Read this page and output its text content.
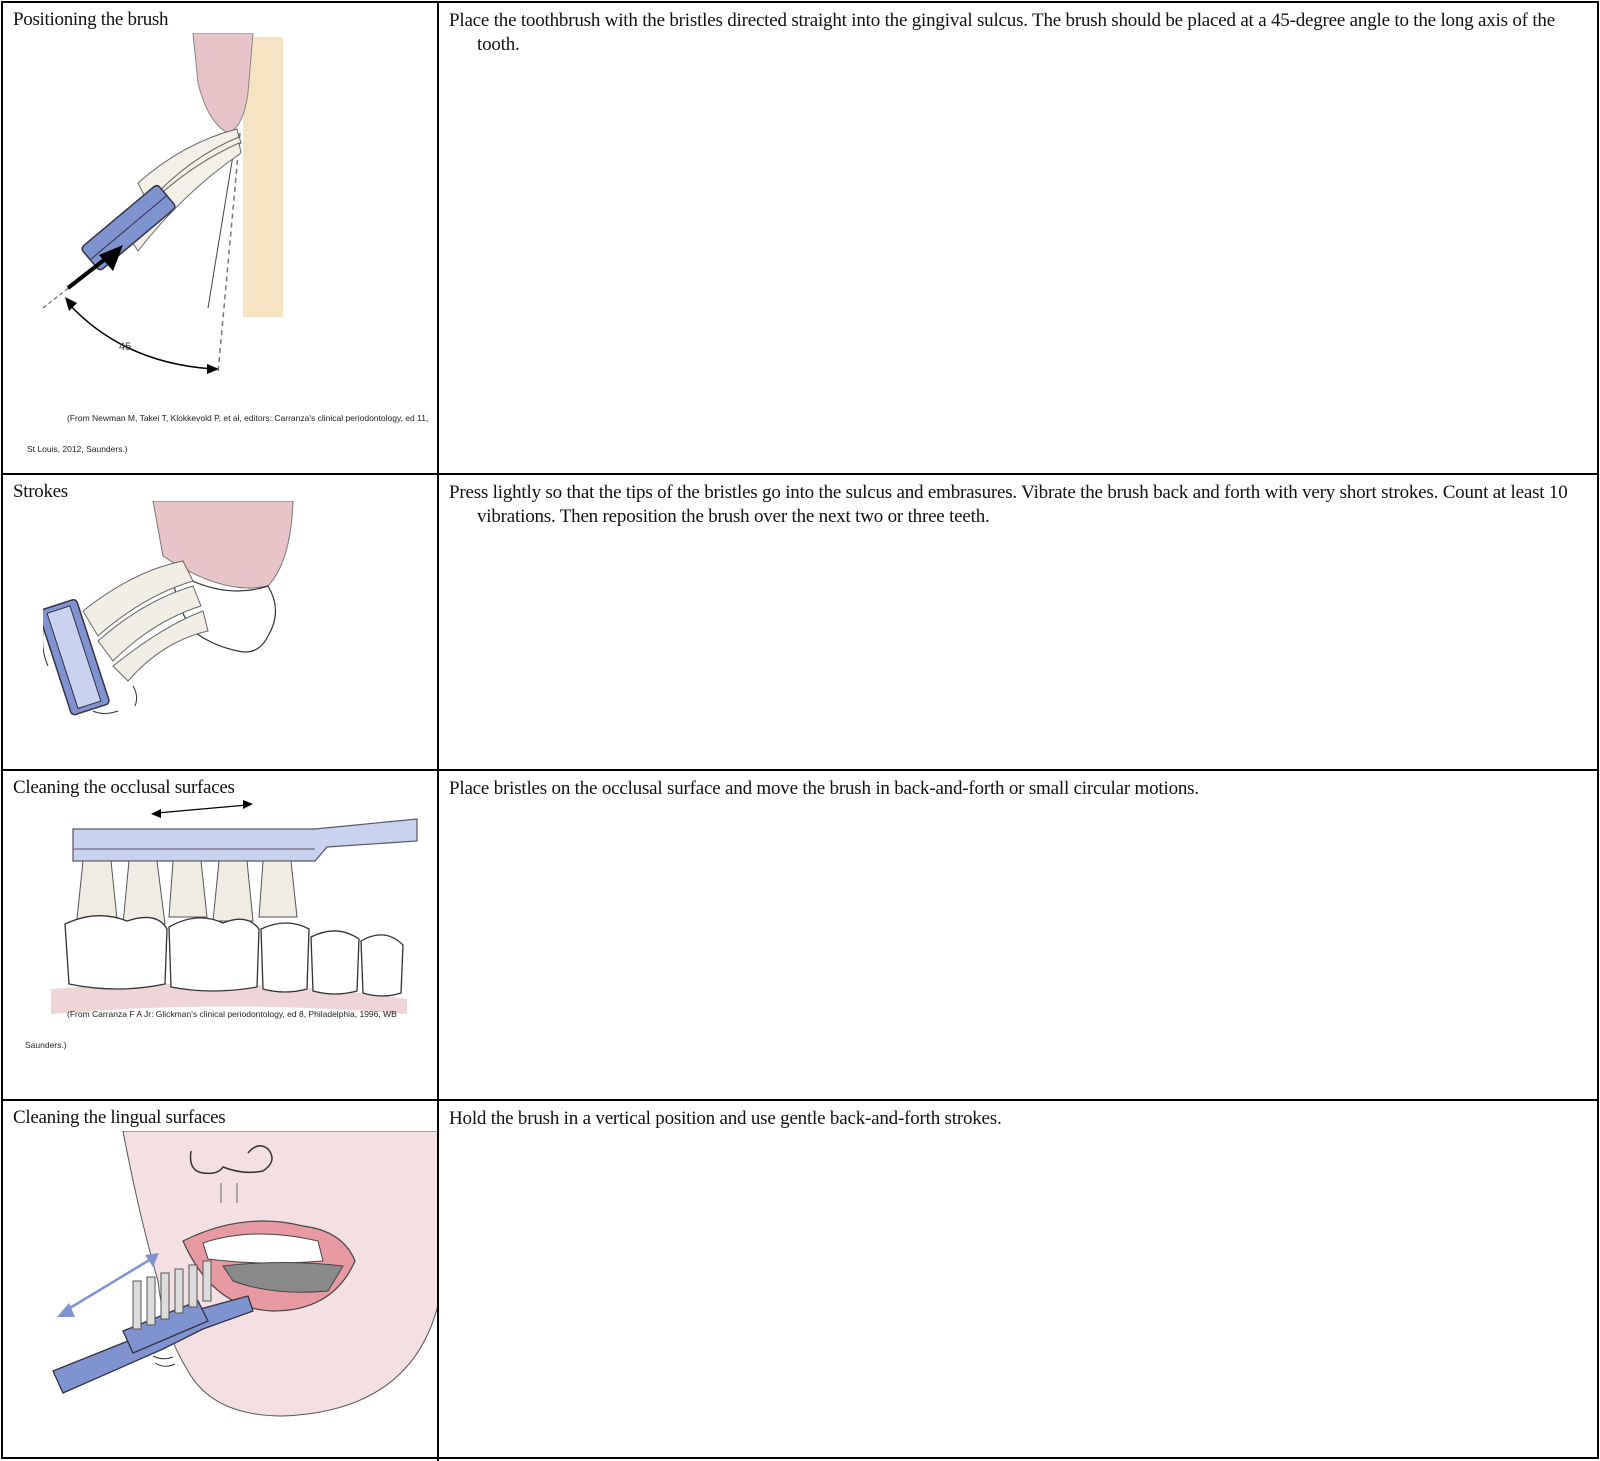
Positioning the brush
45
(From Newman M, Takei T, Klokkevold P, et al, editors: Carranza's clinical periodontology, ed 11, St Louis, 2012, Saunders.)
Place the toothbrush with the bristles directed straight into the gingival sulcus. The brush should be placed at a 45-degree angle to the long axis of the tooth.
Strokes	Press lightly so that the tips of the bristles go into the sulcus and embrasures. Vibrate the brush back and forth with very short strokes. Count at least 10 vibrations. Then reposition the brush over the next two or three teeth.
Cleaning the occlusal surfaces
(From Carranza F A Jr: Glickman's clinical periodontology, ed 8, Philadelphia, 1996, WB Saunders.)
Place bristles on the occlusal surface and move the brush in back-and-forth or small circular motions.
Cleaning the lingual surfaces	Hold the brush in a vertical position and use gentle back-and-forth strokes.
